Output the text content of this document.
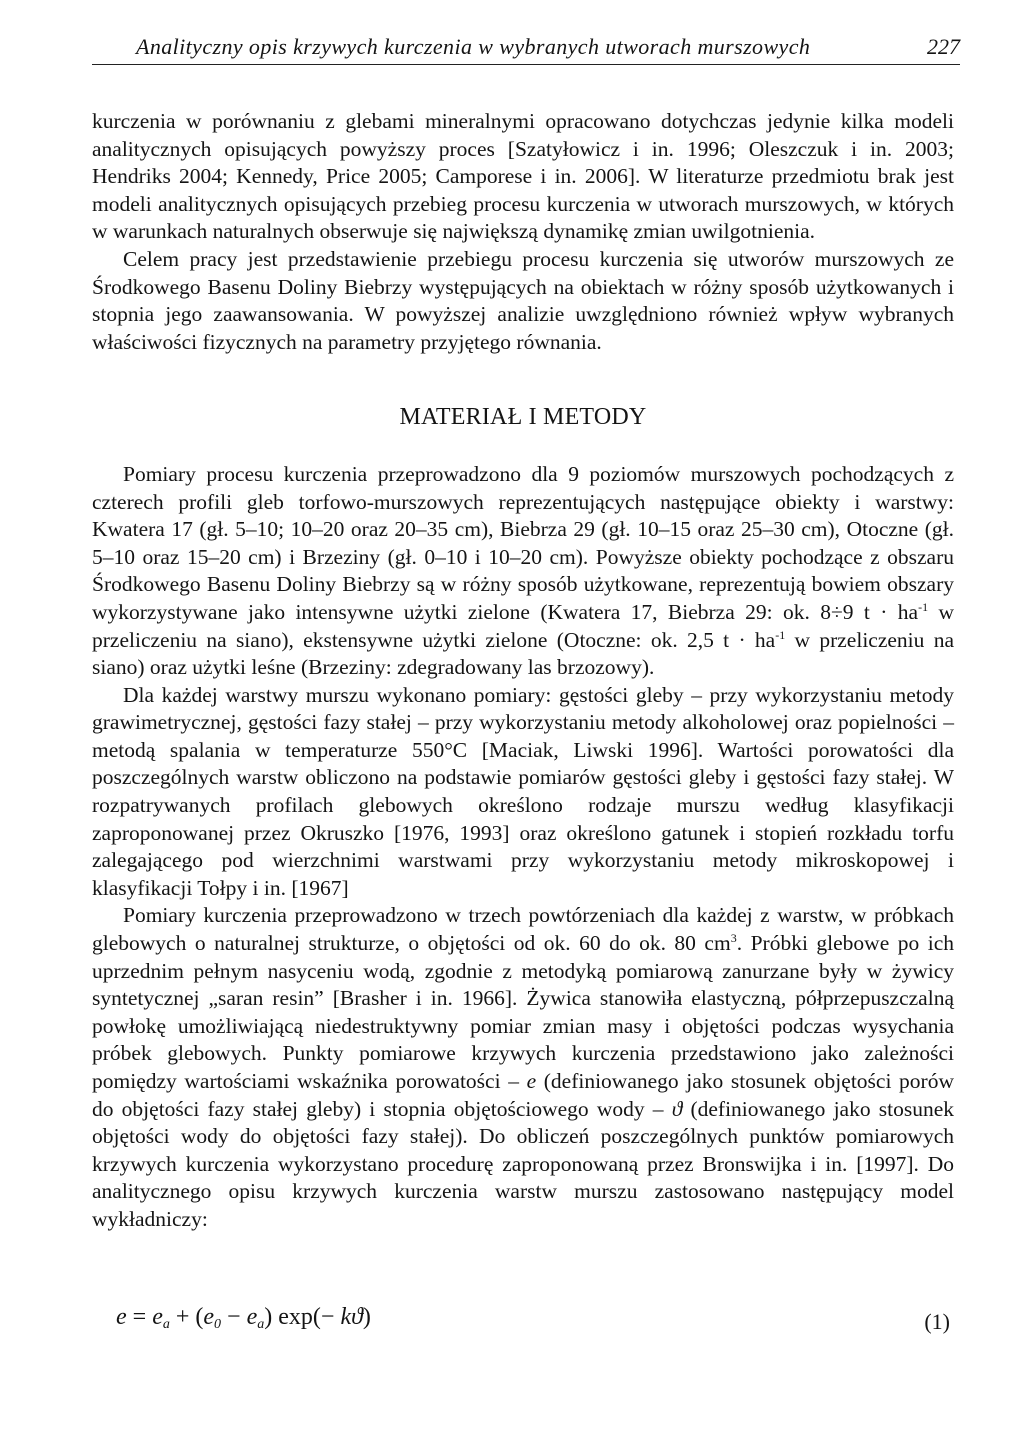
Analityczny opis krzywych kurczenia w wybranych utworach murszowych	227

kurczenia w porównaniu z glebami mineralnymi opracowano dotychczas jedynie kilka modeli analitycznych opisujących powyższy proces [Szatyłowicz i in. 1996; Oleszczuk i in. 2003; Hendriks 2004; Kennedy, Price 2005; Camporese i in. 2006]. W literaturze przedmiotu brak jest modeli analitycznych opisujących przebieg procesu kurczenia w utworach murszowych, w których w warunkach naturalnych obserwuje się największą dynamikę zmian uwilgotnienia.

Celem pracy jest przedstawienie przebiegu procesu kurczenia się utworów murszowych ze Środkowego Basenu Doliny Biebrzy występujących na obiektach w różny sposób użytkowanych i stopnia jego zaawansowania. W powyższej analizie uwzględniono również wpływ wybranych właściwości fizycznych na parametry przyjętego równania.

MATERIAŁ I METODY

Pomiary procesu kurczenia przeprowadzono dla 9 poziomów murszowych pochodzących z czterech profili gleb torfowo-murszowych reprezentujących następujące obiekty i warstwy: Kwatera 17 (gł. 5–10; 10–20 oraz 20–35 cm), Biebrza 29 (gł. 10–15 oraz 25–30 cm), Otoczne (gł. 5–10 oraz 15–20 cm) i Brzeziny (gł. 0–10 i 10–20 cm). Powyższe obiekty pochodzące z obszaru Środkowego Basenu Doliny Biebrzy są w różny sposób użytkowane, reprezentują bowiem obszary wykorzystywane jako intensywne użytki zielone (Kwatera 17, Biebrza 29: ok. 8÷9 $t \cdot ha^{-1}$ w przeliczeniu na siano), ekstensywne użytki zielone (Otoczne: ok. 2,5 $t \cdot ha^{-1}$ w przeliczeniu na siano) oraz użytki leśne (Brzeziny: zdegradowany las brzozowy).

Dla każdej warstwy murszu wykonano pomiary: gęstości gleby – przy wykorzystaniu metody grawimetrycznej, gęstości fazy stałej – przy wykorzystaniu metody alkoholowej oraz popielności – metodą spalania w temperaturze 550°C [Maciak, Liwski 1996]. Wartości porowatości dla poszczególnych warstw obliczono na podstawie pomiarów gęstości gleby i gęstości fazy stałej. W rozpatrywanych profilach glebowych określono rodzaje murszu według klasyfikacji zaproponowanej przez Okruszko [1976, 1993] oraz określono gatunek i stopień rozkładu torfu zalegającego pod wierzchnimi warstwami przy wykorzystaniu metody mikroskopowej i klasyfikacji Tołpy i in. [1967]

Pomiary kurczenia przeprowadzono w trzech powtórzeniach dla każdej z warstw, w próbkach glebowych o naturalnej strukturze, o objętości od ok. 60 do ok. 80 $cm^3$. Próbki glebowe po ich uprzednim pełnym nasyceniu wodą, zgodnie z metodyką pomiarową zanurzane były w żywicy syntetycznej „saran resin” [Brasher i in. 1966]. Żywica stanowiła elastyczną, półprzepuszczalną powłokę umożliwiającą niedestruktywny pomiar zmian masy i objętości podczas wysychania próbek glebowych. Punkty pomiarowe krzywych kurczenia przedstawiono jako zależności pomiędzy wartościami wskaźnika porowatości – e (definiowanego jako stosunek objętości porów do objętości fazy stałej gleby) i stopnia objętościowego wody – ϑ (definiowanego jako stosunek objętości wody do objętości fazy stałej). Do obliczeń poszczególnych punktów pomiarowych krzywych kurczenia wykorzystano procedurę zaproponowaną przez Bronswijka i in. [1997]. Do analitycznego opisu krzywych kurczenia warstw murszu zastosowano następujący model wykładniczy:

$e = e_a + (e_0 - e_a)$ exp(− kϑ)	(1)
